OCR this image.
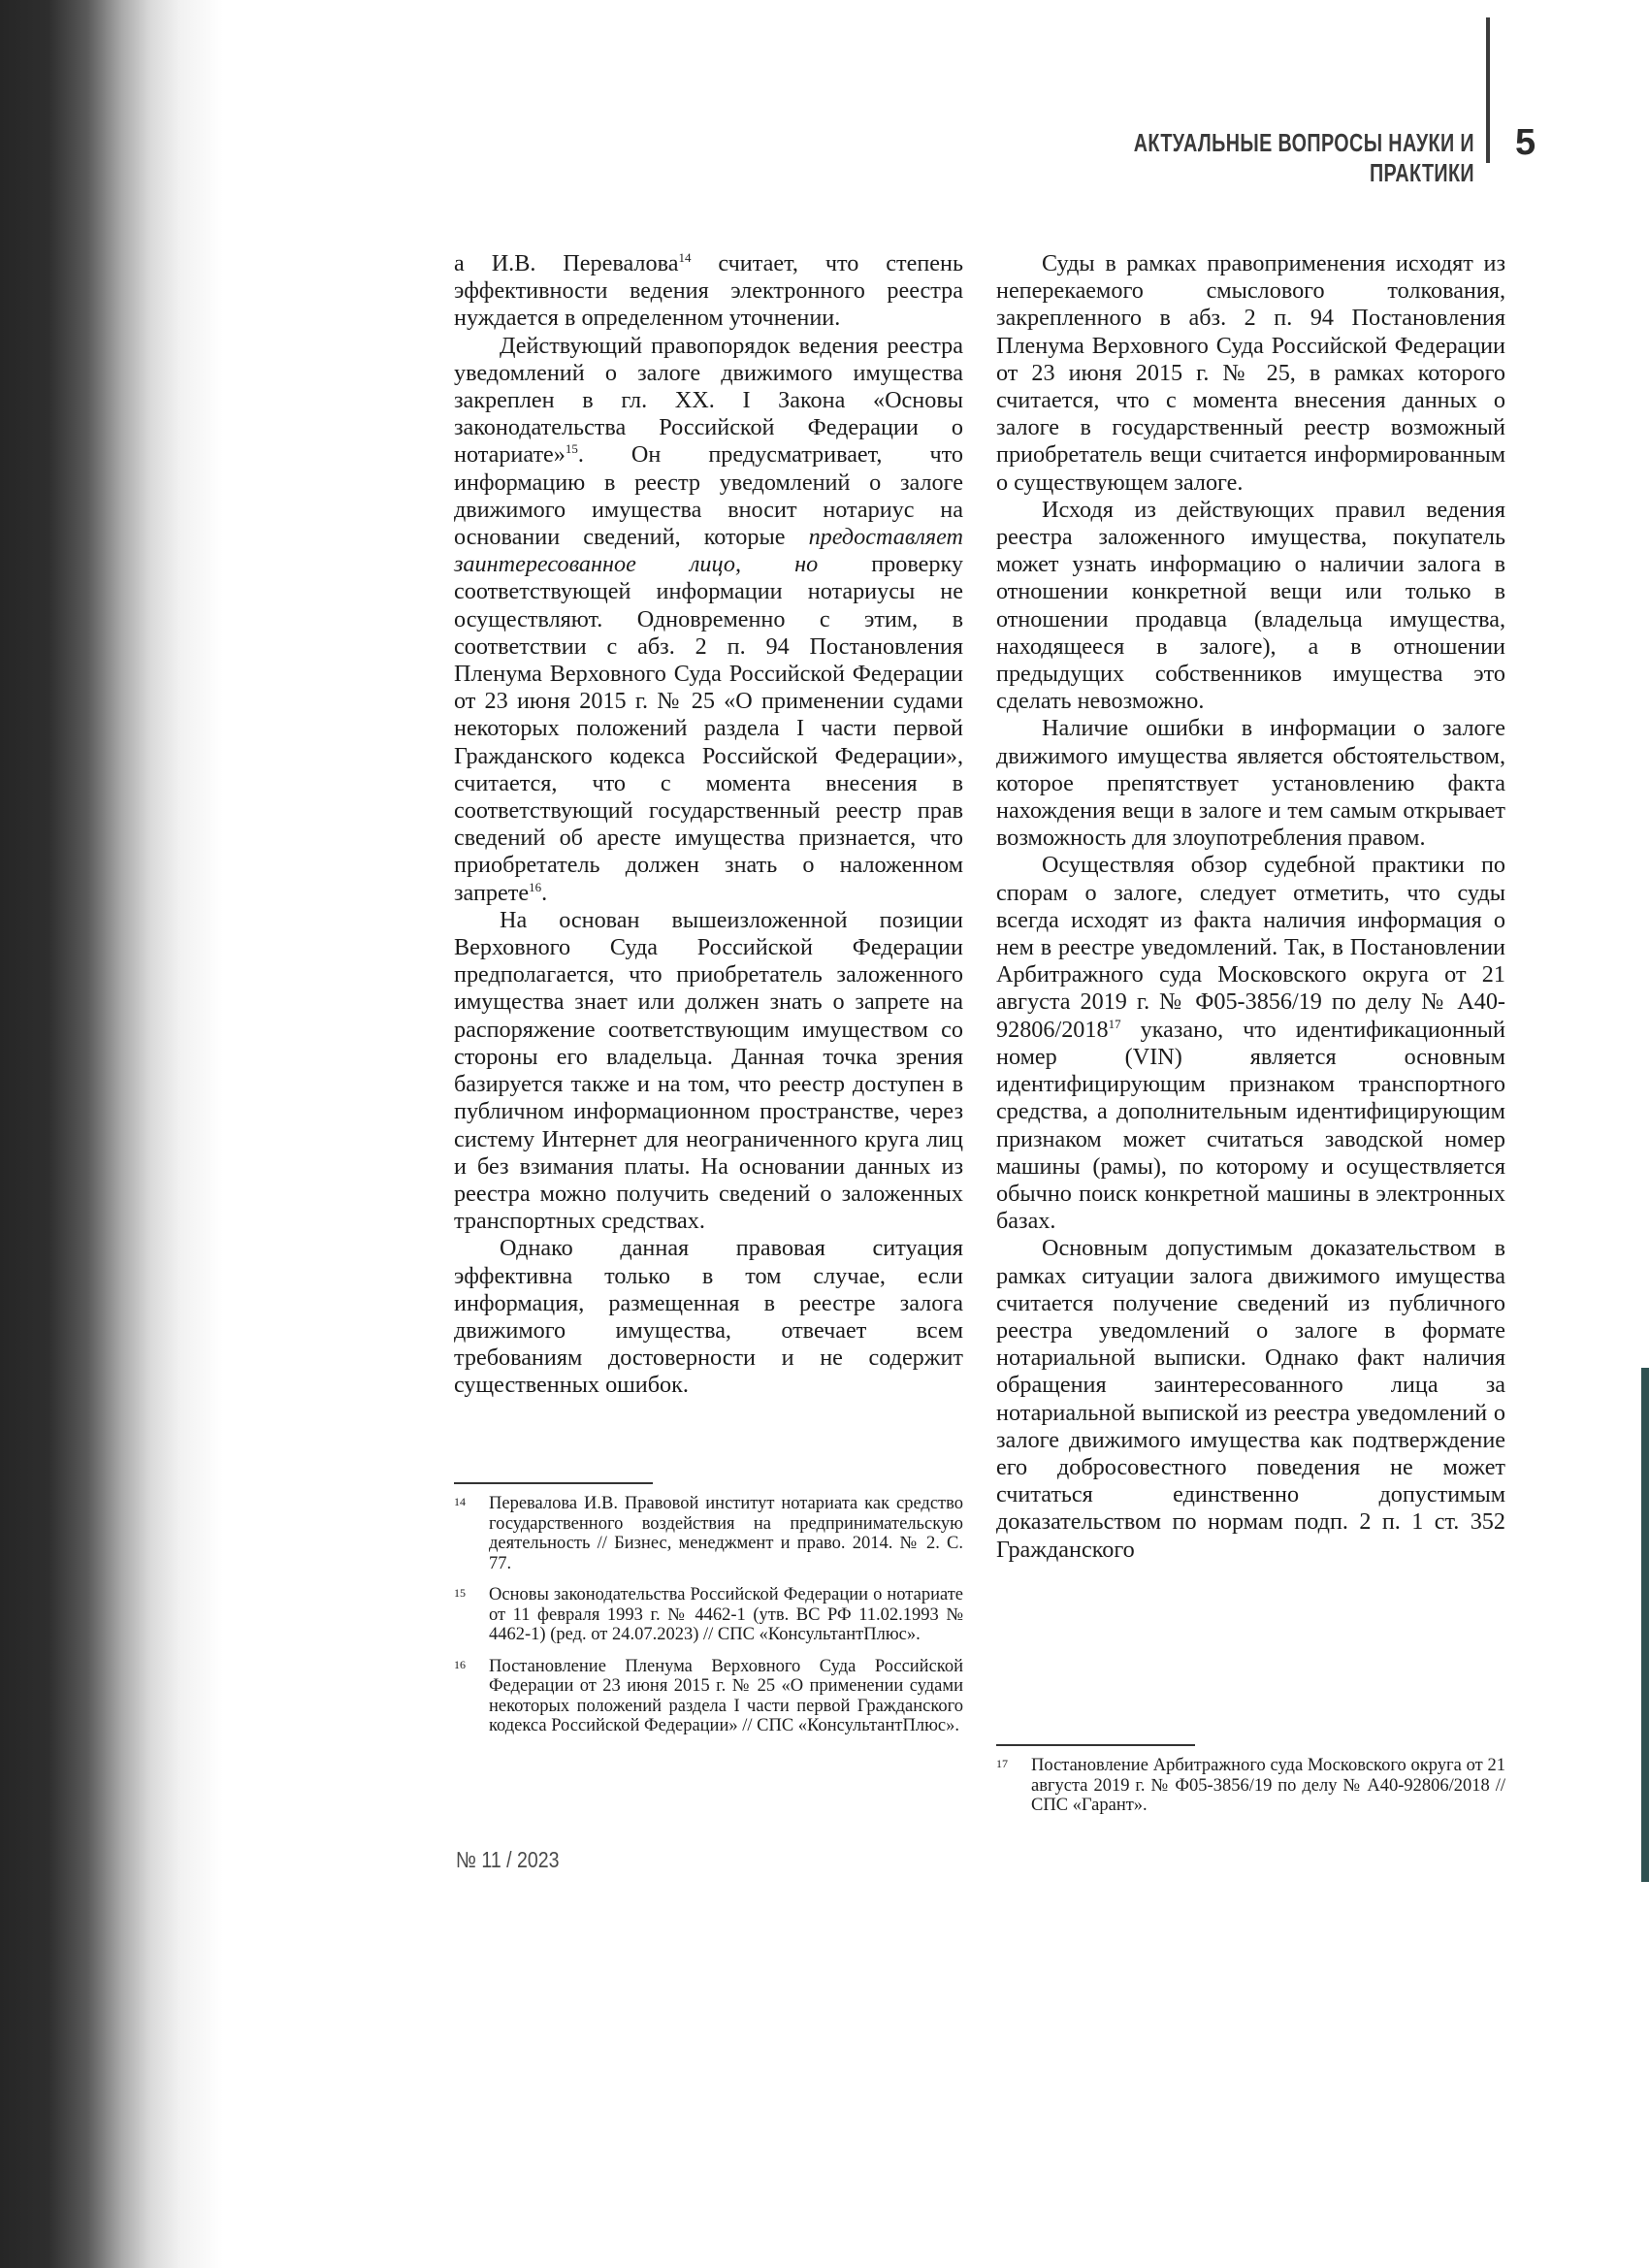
АКТУАЛЬНЫЕ ВОПРОСЫ НАУКИ И ПРАКТИКИ
5

а И.В. Перевалова$^{14}$ считает, что степень эффективности ведения электронного реестра нуждается в определенном уточнении.

Действующий правопорядок ведения реестра уведомлений о залоге движимого имущества закреплен в гл. XX. I Закона «Основы законодательства Российской Федерации о нотариате»$^{15}$. Он предусматривает, что информацию в реестр уведомлений о залоге движимого имущества вносит нотариус на основании сведений, которые предоставляет заинтересованное лицо, но проверку соответствующей информации нотариусы не осуществляют. Одновременно с этим, в соответствии с абз. 2 п. 94 Постановления Пленума Верховного Суда Российской Федерации от 23 июня 2015 г. № 25 «О применении судами некоторых положений раздела I части первой Гражданского кодекса Российской Федерации», считается, что с момента внесения в соответствующий государственный реестр прав сведений об аресте имущества признается, что приобретатель должен знать о наложенном запрете$^{16}$.

На основан вышеизложенной позиции Верховного Суда Российской Федерации предполагается, что приобретатель заложенного имущества знает или должен знать о запрете на распоряжение соответствующим имуществом со стороны его владельца. Данная точка зрения базируется также и на том, что реестр доступен в публичном информационном пространстве, через систему Интернет для неограниченного круга лиц и без взимания платы. На основании данных из реестра можно получить сведений о заложенных транспортных средствах.

Однако данная правовая ситуация эффективна только в том случае, если информация, размещенная в реестре залога движимого имущества, отвечает всем требованиям достоверности и не содержит существенных ошибок.

Суды в рамках правоприменения исходят из неперекаемого смыслового толкования, закрепленного в абз. 2 п. 94 Постановления Пленума Верховного Суда Российской Федерации от 23 июня 2015 г. № 25, в рамках которого считается, что с момента внесения данных о залоге в государственный реестр возможный приобретатель вещи считается информированным о существующем залоге.

Исходя из действующих правил ведения реестра заложенного имущества, покупатель может узнать информацию о наличии залога в отношении конкретной вещи или только в отношении продавца (владельца имущества, находящееся в залоге), а в отношении предыдущих собственников имущества это сделать невозможно.

Наличие ошибки в информации о залоге движимого имущества является обстоятельством, которое препятствует установлению факта нахождения вещи в залоге и тем самым открывает возможность для злоупотребления правом.

Осуществляя обзор судебной практики по спорам о залоге, следует отметить, что суды всегда исходят из факта наличия информация о нем в реестре уведомлений. Так, в Постановлении Арбитражного суда Московского округа от 21 августа 2019 г. № Ф05-3856/19 по делу № А40-92806/2018$^{17}$ указано, что идентификационный номер (VIN) является основным идентифицирующим признаком транспортного средства, а дополнительным идентифицирующим признаком может считаться заводской номер машины (рамы), по которому и осуществляется обычно поиск конкретной машины в электронных базах.

Основным допустимым доказательством в рамках ситуации залога движимого имущества считается получение сведений из публичного реестра уведомлений о залоге в формате нотариальной выписки. Однако факт наличия обращения заинтересованного лица за нотариальной выпиской из реестра уведомлений о залоге движимого имущества как подтверждение его добросовестного поведения не может считаться единственно допустимым доказательством по нормам подп. 2 п. 1 ст. 352 Гражданского

14 Перевалова И.В. Правовой институт нотариата как средство государственного воздействия на предпринимательскую деятельность // Бизнес, менеджмент и право. 2014. № 2. С. 77.
15 Основы законодательства Российской Федерации о нотариате от 11 февраля 1993 г. № 4462-1 (утв. ВС РФ 11.02.1993 № 4462-1) (ред. от 24.07.2023) // СПС «КонсультантПлюс».
16 Постановление Пленума Верховного Суда Российской Федерации от 23 июня 2015 г. № 25 «О применении судами некоторых положений раздела I части первой Гражданского кодекса Российской Федерации» // СПС «КонсультантПлюс».
17 Постановление Арбитражного суда Московского округа от 21 августа 2019 г. № Ф05-3856/19 по делу № А40-92806/2018 // СПС «Гарант».
№ 11 / 2023
